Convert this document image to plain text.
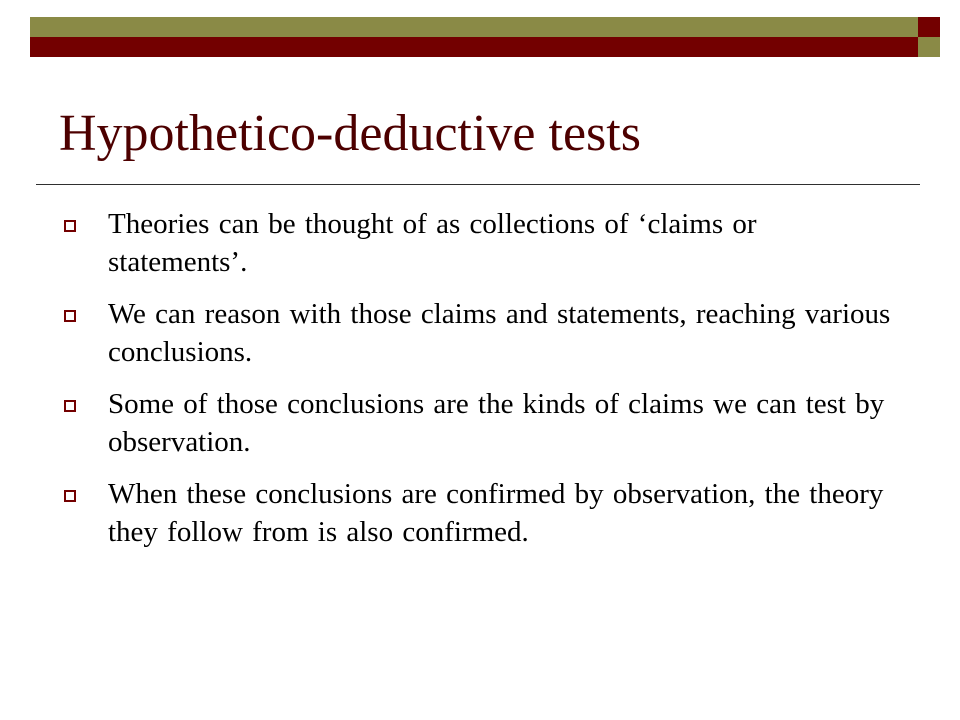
Hypothetico-deductive tests
Theories can be thought of as collections of ‘claims or statements’.
We can reason with those claims and statements, reaching various conclusions.
Some of those conclusions are the kinds of claims we can test by observation.
When these conclusions are confirmed by observation, the theory they follow from is also confirmed.
